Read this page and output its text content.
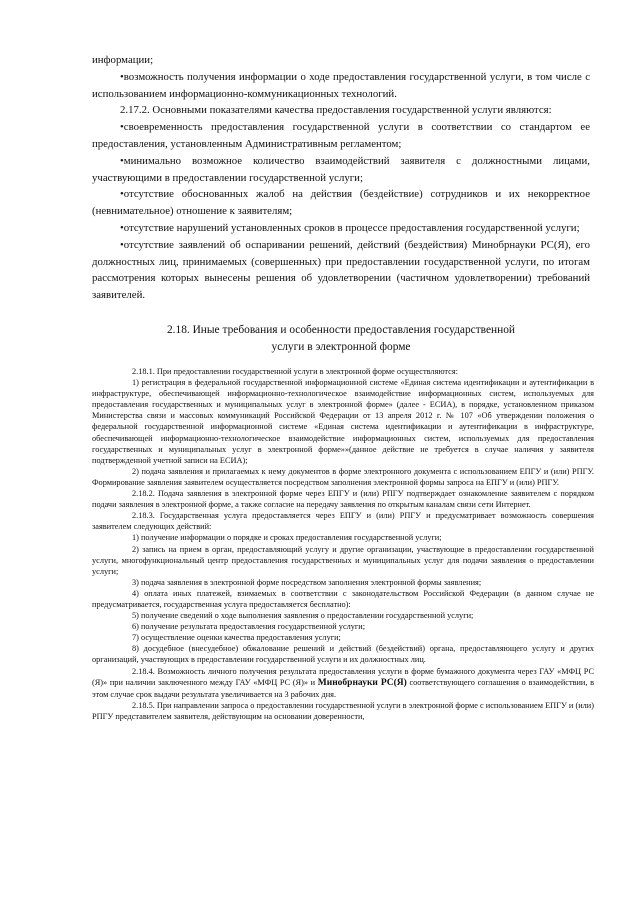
информации;

•возможность получения информации о ходе предоставления государственной услуги, в том числе с использованием информационно-коммуникационных технологий.

2.17.2. Основными показателями качества предоставления государственной услуги являются:

•своевременность предоставления государственной услуги в соответствии со стандартом ее предоставления, установленным Административным регламентом;

•минимально возможное количество взаимодействий заявителя с должностными лицами, участвующими в предоставлении государственной услуги;

•отсутствие обоснованных жалоб на действия (бездействие) сотрудников и их некорректное (невнимательное) отношение к заявителям;

•отсутствие нарушений установленных сроков в процессе предоставления государственной услуги;

•отсутствие заявлений об оспаривании решений, действий (бездействия) Минобрнауки РС(Я), его должностных лиц, принимаемых (совершенных) при предоставлении государственной услуги, по итогам рассмотрения которых вынесены решения об удовлетворении (частичном удовлетворении) требований заявителей.

2.18. Иные требования и особенности предоставления государственной

услуги в электронной форме

2.18.1. При предоставлении государственной услуги в электронной форме осуществляются:

1) регистрация в федеральной государственной информационной системе «Единая система идентификации и аутентификации в инфраструктуре, обеспечивающей информационно-технологическое взаимодействие информационных систем, используемых для предоставления государственных и муниципальных услуг в электронной форме» (далее - ЕСИА), в порядке, установленном приказом Министерства связи и массовых коммуникаций Российской Федерации от 13 апреля 2012 г. № 107 «Об утверждении положения о федеральной государственной информационной системе «Единая система идентификации и аутентификации в инфраструктуре, обеспечивающей информационно-технологическое взаимодействие информационных систем, используемых для предоставления государственных и муниципальных услуг в электронной форме»»(данное действие не требуется в случае наличия у заявителя подтвержденной учетной записи на ЕСИА);

2) подача заявления и прилагаемых к нему документов в форме электронного документа с использованием ЕПГУ и (или) РПГУ. Формирование заявления заявителем осуществляется посредством заполнения электронной формы запроса на ЕПГУ и (или) РПГУ.

2.18.2. Подача заявления в электронной форме через ЕПГУ и (или) РПГУ подтверждает ознакомление заявителем с порядком подачи заявления в электронной форме, а также согласие на передачу заявления по открытым каналам связи сети Интернет.

2.18.3. Государственная услуга предоставляется через ЕПГУ и (или) РПГУ и предусматривает возможность совершения заявителем следующих действий:

1) получение информации о порядке и сроках предоставления государственной услуги;

2) запись на прием в орган, предоставляющий услугу и другие организации, участвующие в предоставлении государственной услуги, многофункциональный центр предоставления государственных и муниципальных услуг для подачи заявления о предоставлении услуги;

3) подача заявления в электронной форме посредством заполнения электронной формы заявления;

4) оплата иных платежей, взимаемых в соответствии с законодательством Российской Федерации (в данном случае не предусматривается, государственная услуга предоставляется бесплатно):

5) получение сведений о ходе выполнения заявления о предоставлении государственной услуги;

6) получение результата предоставления государственной услуги;

7) осуществление оценки качества предоставления услуги;

8) досудебное (внесудебное) обжалование решений и действий (бездействий) органа, предоставляющего услугу и других организаций, участвующих в предоставлении государственной услуги и их должностных лиц.

2.18.4. Возможность личного получения результата предоставления услуги в форме бумажного документа через ГАУ «МФЦ РС (Я)» при наличии заключенного между ГАУ «МФЦ РС (Я)» и Минобрнауки РС(Я) соответствующего соглашения о взаимодействии, в этом случае срок выдачи результата увеличивается на 3 рабочих дня.

2.18.5. При направлении запроса о предоставлении государственной услуги в электронной форме с использованием ЕПГУ и (или) РПГУ представителем заявителя, действующим на основании доверенности,
